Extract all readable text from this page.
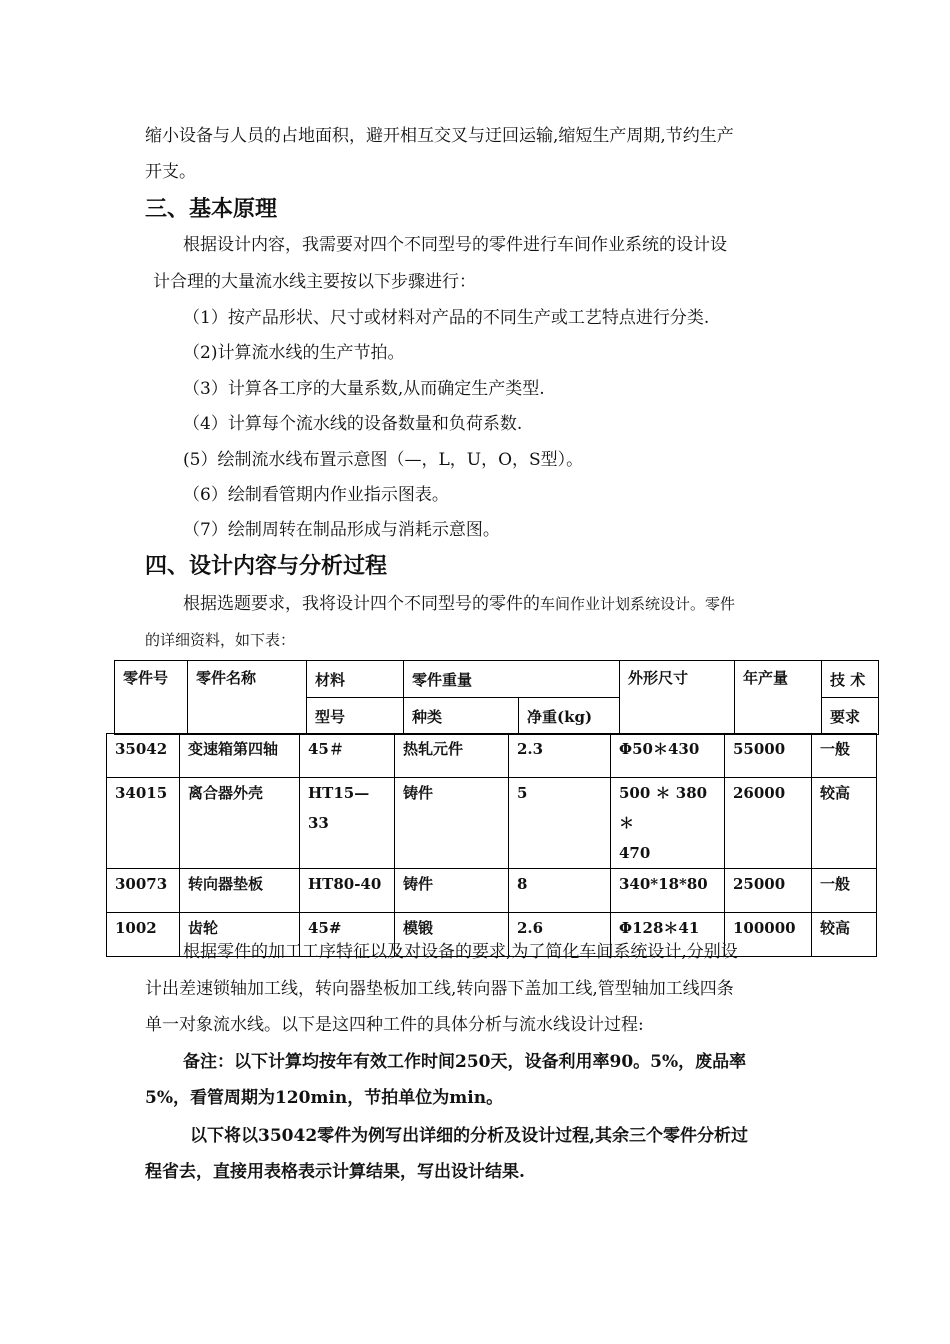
缩小设备与人员的占地面积，避开相互交叉与迂回运输,缩短生产周期,节约生产
开支。
三、基本原理
根据设计内容，我需要对四个不同型号的零件进行车间作业系统的设计设
计合理的大量流水线主要按以下步骤进行：
（1）按产品形状、尺寸或材料对产品的不同生产或工艺特点进行分类.
（2)计算流水线的生产节拍。
（3）计算各工序的大量系数,从而确定生产类型.
（4）计算每个流水线的设备数量和负荷系数.
(5）绘制流水线布置示意图（—，L，U，O，S型）。
（6）绘制看管期内作业指示图表。
（7）绘制周转在制品形成与消耗示意图。
四、设计内容与分析过程
根据选题要求，我将设计四个不同型号的零件的车间作业计划系统设计。零件
的详细资料，如下表：
零件号	零件名称	材料	零件重量		外形尺寸	年产量	技 术
		型号	种类	净重(kg)			要求
35042	变速箱第四轴	45＃	热轧元件	2.3	Φ50＊430	55000	一般

34015	离合器外壳	HT15—33	铸件	5	500 ＊ 380 ＊
470	26000	较高

30073	转向器垫板	HT80-40	铸件	8	340*18*80	25000	一般

1002	齿轮	45#	模锻	2.6	Φ128＊41	100000	较高
根据零件的加工工序特征以及对设备的要求,为了简化车间系统设计,分别设
计出差速锁轴加工线，转向器垫板加工线,转向器下盖加工线,管型轴加工线四条
单一对象流水线。以下是这四种工件的具体分析与流水线设计过程:
备注：以下计算均按年有效工作时间250天，设备利用率90。5%，废品率
5%，看管周期为120min，节拍单位为min。
以下将以35042零件为例写出详细的分析及设计过程,其余三个零件分析过
程省去，直接用表格表示计算结果，写出设计结果.
